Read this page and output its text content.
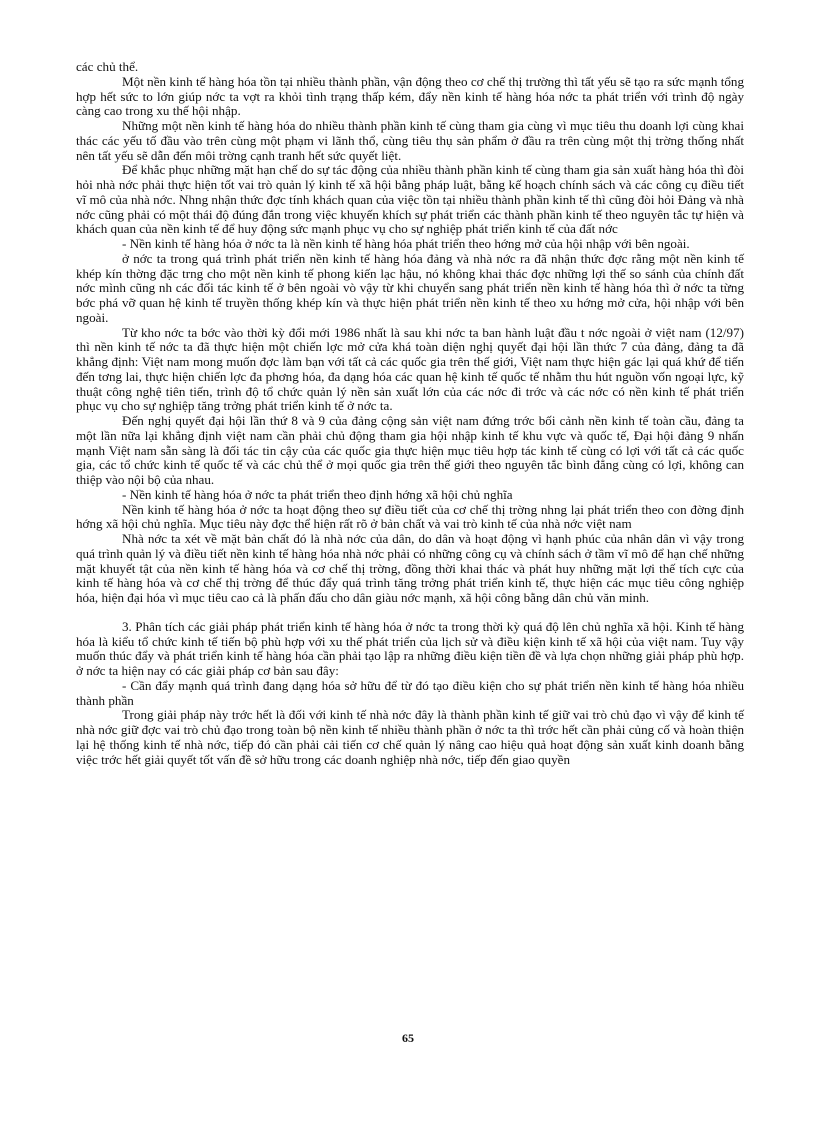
các chủ thể.

Một nền kinh tế hàng hóa tồn tại nhiều thành phần, vận động theo cơ chế thị trường thì tất yếu sẽ tạo ra sức mạnh tổng hợp hết sức to lớn giúp nớc ta vợt ra khỏi tình trạng thấp kém, đẩy nền kinh tế hàng hóa nớc ta phát triển với trình độ ngày càng cao trong xu thế hội nhập.

Những một nền kinh tế hàng hóa do nhiều thành phần kinh tế cùng tham gia cùng vì mục tiêu thu doanh lợi cùng khai thác các yếu tố đầu vào trên cùng một phạm vi lãnh thổ, cùng tiêu thụ sản phẩm ở đầu ra trên cùng một thị trờng thống nhất nên tất yếu sẽ dẫn đến môi trờng cạnh tranh hết sức quyết liệt.

Để khắc phục những mặt hạn chế do sự tác động của nhiều thành phần kinh tế cùng tham gia sản xuất hàng hóa thì đòi hỏi nhà nớc phải thực hiện tốt vai trò quản lý kinh tế xã hội bằng pháp luật, bằng kế hoạch chính sách và các công cụ điều tiết vĩ mô của nhà nớc. Nhng nhận thức đợc tính khách quan của việc tồn tại nhiều thành phần kinh tế thì cũng đòi hỏi Đảng và nhà nớc cũng phải có một thái độ đúng đắn trong việc khuyến khích sự phát triển các thành phần kinh tế theo nguyên tắc tự hiện và khách quan của nền kinh tế để huy động sức mạnh phục vụ cho sự nghiệp phát triển kinh tế của đất nớc

- Nền kinh tế hàng hóa ở nớc ta là nền kinh tế hàng hóa phát triển theo hớng mở của hội nhập với bên ngoài.

ở nớc ta trong quá trình phát triển nền kinh tế hàng hóa đảng và nhà nớc ra đã nhận thức đợc rằng một nền kinh tế khép kín thờng đặc trng cho một nền kinh tế phong kiến lạc hậu, nó không khai thác đợc những lợi thế so sánh của chính đất nớc mình cũng nh các đối tác kinh tế ở bên ngoài vò vậy từ khi chuyển sang phát triển nền kinh tế hàng hóa thì ở nớc ta từng bớc phá vỡ quan hệ kinh tế truyền thống khép kín và thực hiện phát triển nền kinh tế theo xu hớng mở cửa, hội nhập với bên ngoài.

Từ kho nớc ta bớc vào thời kỳ đổi mới 1986 nhất là sau khi nớc ta ban hành luật đầu t nớc ngoài ở việt nam (12/97) thì nền kinh tế nớc ta đã thực hiện một chiến lợc mở cửa khá toàn diện nghị quyết đại hội lần thức 7 của đảng, đảng ta đã khẳng định: Việt nam mong muốn đợc làm bạn với tất cả các quốc gia trên thế giới, Việt nam thực hiện gác lại quá khứ để tiến đến tơng lai, thực hiện chiến lợc đa phơng hóa, đa dạng hóa các quan hệ kinh tế quốc tế nhằm thu hút nguồn vốn ngoại lực, kỹ thuật công nghệ tiên tiến, trình độ tổ chức quản lý nền sản xuất lớn của các nớc đi trớc và các nớc có nền kinh tế phát triển phục vụ cho sự nghiệp tăng trởng phát triển kinh tế ở nớc ta.

Đến nghị quyết đại hội lần thứ 8 và 9 của đảng cộng sản việt nam đứng trớc bối cảnh nền kinh tế toàn cầu, đảng ta một lần nữa lại khẳng định việt nam cần phải chủ động tham gia hội nhập kinh tế khu vực và quốc tế, Đại hội đảng 9 nhấn mạnh Việt nam sẵn sàng là đối tác tin cậy của các quốc gia thực hiện mục tiêu hợp tác kinh tế cùng có lợi với tất cả các quốc gia, các tổ chức kinh tế quốc tế và các chủ thể ở mọi quốc gia trên thế giới theo nguyên tắc bình đẳng cùng có lợi, không can thiệp vào nội bộ của nhau.

- Nền kinh tế hàng hóa ở nớc ta phát triển theo định hớng xã hội chủ nghĩa

Nền kinh tế hàng hóa ở nớc ta hoạt động theo sự điều tiết của cơ chế thị trờng nhng lại phát triển theo con đờng định hớng xã hội chủ nghĩa. Mục tiêu này đợc thể hiện rất rõ ở bản chất và vai trò kinh tế của nhà nớc việt nam

Nhà nớc ta xét về mặt bản chất đó là nhà nớc của dân, do dân và hoạt động vì hạnh phúc của nhân dân vì vậy trong quá trình quản lý và điều tiết nền kinh tế hàng hóa nhà nớc phải có những công cụ và chính sách ở tầm vĩ mô để hạn chế những mặt khuyết tật của nền kinh tế hàng hóa và cơ chế thị trờng, đồng thời khai thác và phát huy những mặt lợi thế tích cực của kinh tế hàng hóa và cơ chế thị trờng để thúc đẩy quá trình tăng trởng phát triển kinh tế, thực hiện các mục tiêu công nghiệp hóa, hiện đại hóa vì mục tiêu cao cả là phấn đấu cho dân giàu nớc mạnh, xã hội công bằng dân chủ văn minh.

3. Phân tích các giải pháp phát triển kinh tế hàng hóa ở nớc ta trong thời kỳ quá độ lên chủ nghĩa xã hội. Kinh tế hàng hóa là kiểu tổ chức kinh tế tiến bộ phù hợp với xu thế phát triển của lịch sử và điều kiện kinh tế xã hội của việt nam. Tuy vậy muốn thúc đẩy và phát triển kinh tế hàng hóa cần phải tạo lập ra những điều kiện tiền đề và lựa chọn những giải pháp phù hợp. ở nớc ta hiện nay có các giải pháp cơ bản sau đây:

- Cần đẩy mạnh quá trình đang dạng hóa sở hữu để từ đó tạo điều kiện cho sự phát triển nền kinh tế hàng hóa nhiều thành phần

Trong giải pháp này trớc hết là đối với kinh tế nhà nớc đây là thành phần kinh tế giữ vai trò chủ đạo vì vậy để kinh tế nhà nớc giữ đợc vai trò chủ đạo trong toàn bộ nền kinh tế nhiều thành phần ở nớc ta thì trớc hết cần phải củng cố và hoàn thiện lại hệ thống kinh tế nhà nớc, tiếp đó cần phải cải tiến cơ chế quản lý nâng cao hiệu quả hoạt động sản xuất kinh doanh bằng việc trớc hết giải quyết tốt vấn đề sở hữu trong các doanh nghiệp nhà nớc, tiếp đến giao quyền

65
